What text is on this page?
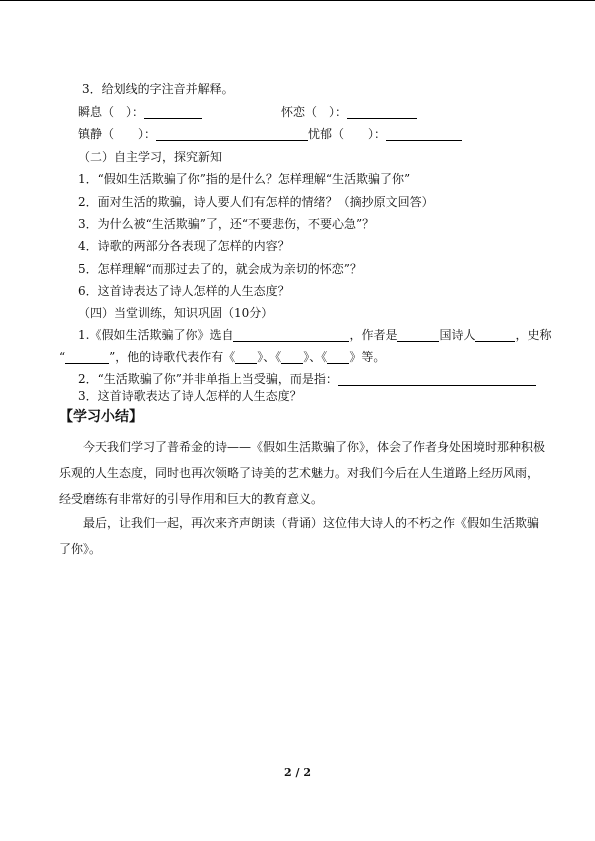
3．给划线的字注音并解释。
瞬息（　）：	怀恋（　）：
镇静（　　）：	忧郁（　　）：
（二）自主学习，探究新知
1．“假如生活欺骗了你”指的是什么？怎样理解“生活欺骗了你”
2．面对生活的欺骗，诗人要人们有怎样的情绪？（摘抄原文回答）
3．为什么被“生活欺骗”了，还“不要悲伤，不要心急”？
4．诗歌的两部分各表现了怎样的内容？
5．怎样理解“而那过去了的，就会成为亲切的怀恋”？
6．这首诗表达了诗人怎样的人生态度？
（四）当堂训练，知识巩固（10分）
1.《假如生活欺骗了你》选自	，作者是	国诗人	，史称
“	”，他的诗歌代表作有《 》、《 》、《 》等。
2．“生活欺骗了你”并非单指上当受骗，而是指：
3．这首诗歌表达了诗人怎样的人生态度？
【学习小结】
今天我们学习了普希金的诗——《假如生活欺骗了你》，体会了作者身处困境时那种积极乐观的人生态度，同时也再次领略了诗美的艺术魅力。对我们今后在人生道路上经历风雨，经受磨练有非常好的引导作用和巨大的教育意义。
最后，让我们一起，再次来齐声朗读（背诵）这位伟大诗人的不朽之作《假如生活欺骗了你》。
2 / 2
